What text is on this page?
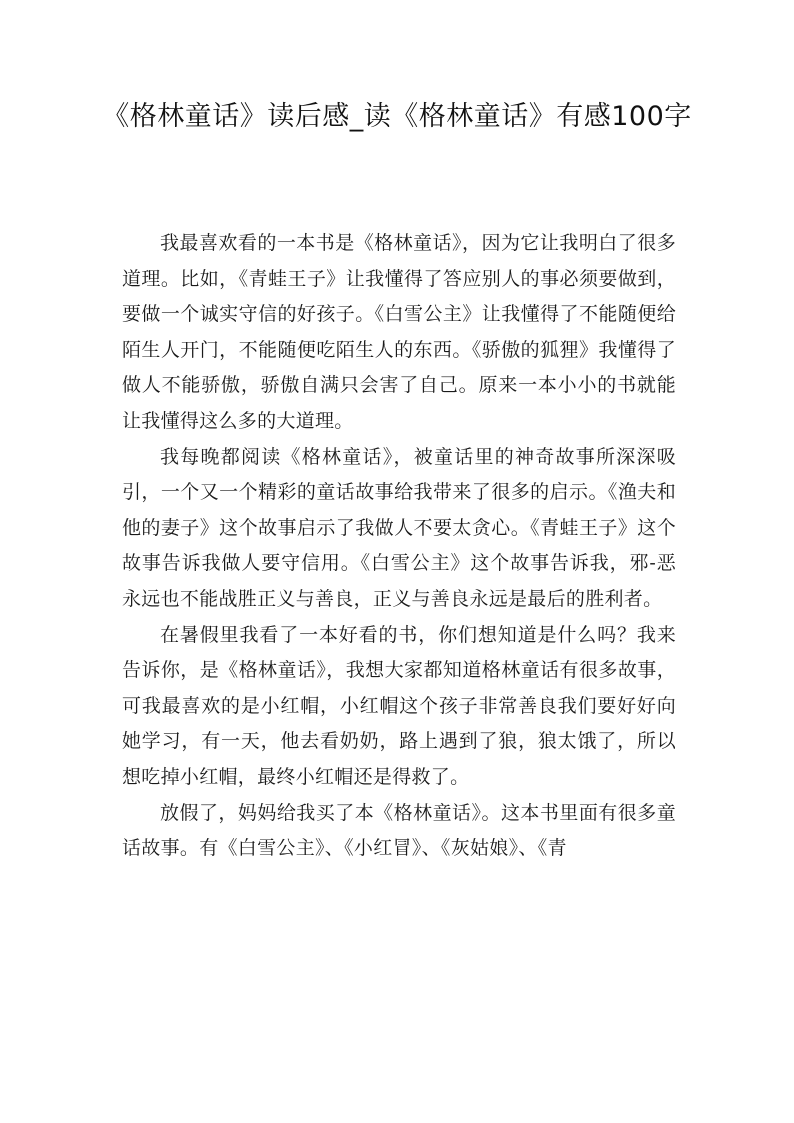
《格林童话》读后感_读《格林童话》有感100字

我最喜欢看的一本书是《格林童话》，因为它让我明白了很多道理。比如，《青蛙王子》让我懂得了答应别人的事必须要做到，要做一个诚实守信的好孩子。《白雪公主》让我懂得了不能随便给陌生人开门，不能随便吃陌生人的东西。《骄傲的狐狸》我懂得了做人不能骄傲，骄傲自满只会害了自己。原来一本小小的书就能让我懂得这么多的大道理。

我每晚都阅读《格林童话》，被童话里的神奇故事所深深吸引，一个又一个精彩的童话故事给我带来了很多的启示。《渔夫和他的妻子》这个故事启示了我做人不要太贪心。《青蛙王子》这个故事告诉我做人要守信用。《白雪公主》这个故事告诉我，邪-恶永远也不能战胜正义与善良，正义与善良永远是最后的胜利者。

在暑假里我看了一本好看的书，你们想知道是什么吗？我来告诉你，是《格林童话》，我想大家都知道格林童话有很多故事，可我最喜欢的是小红帽，小红帽这个孩子非常善良我们要好好向她学习，有一天，他去看奶奶，路上遇到了狼，狼太饿了，所以想吃掉小红帽，最终小红帽还是得救了。

放假了，妈妈给我买了本《格林童话》。这本书里面有很多童话故事。有《白雪公主》、《小红冒》、《灰姑娘》、《青
